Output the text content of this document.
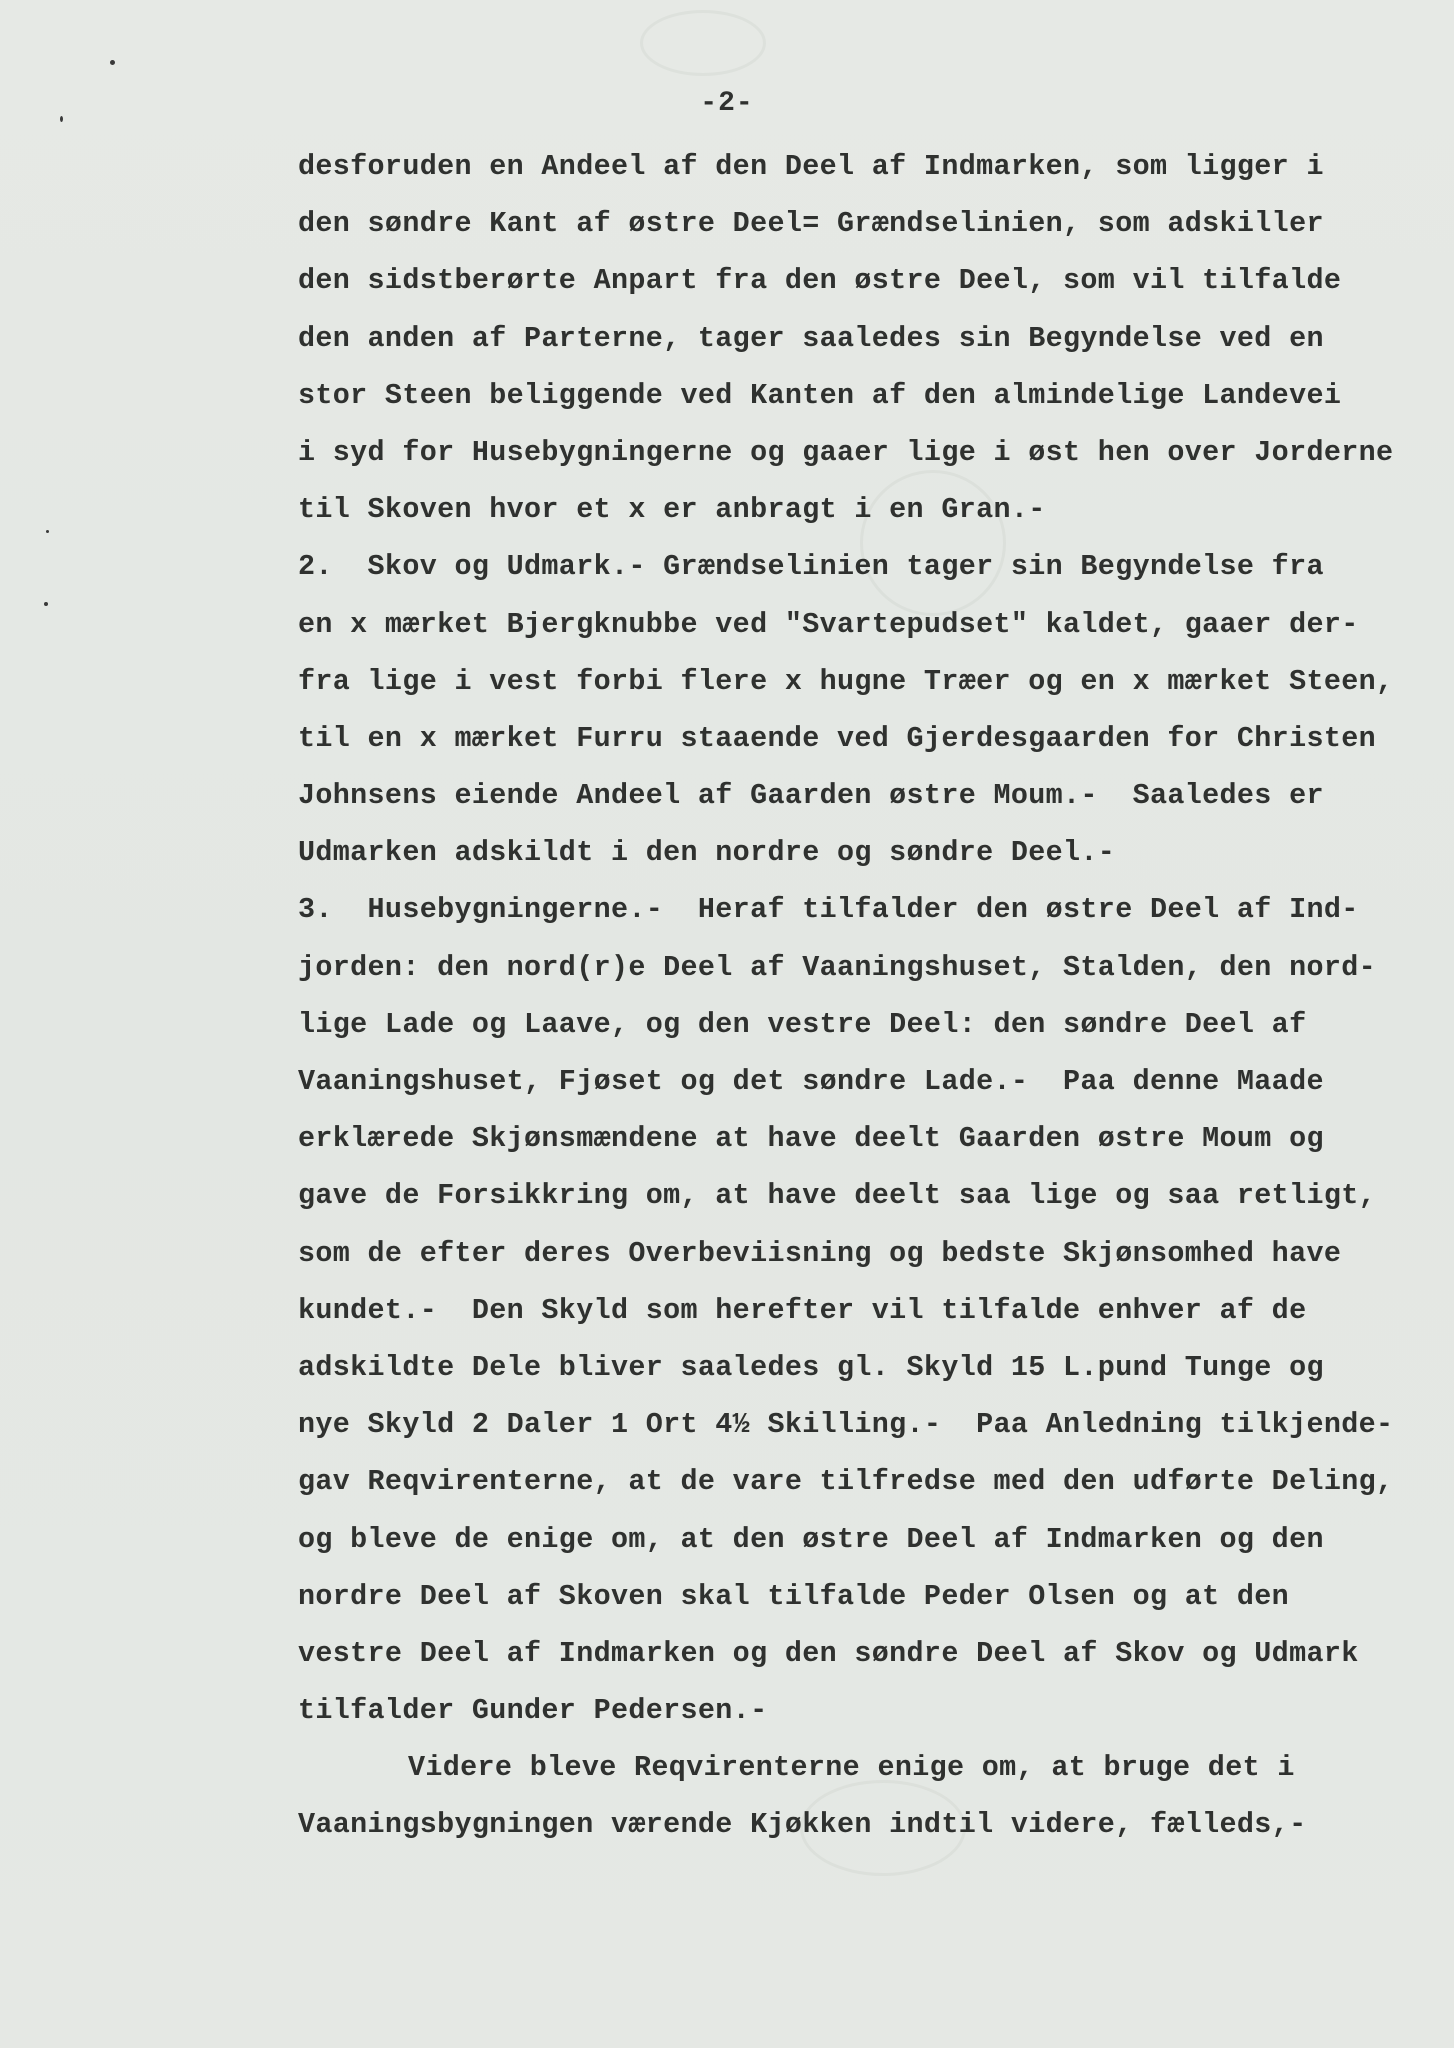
-2-
desforuden en Andeel af den Deel af Indmarken, som ligger i
den søndre Kant af østre Deel= Grændselinien, som adskiller
den sidstberørte Anpart fra den østre Deel, som vil tilfalde
den anden af Parterne, tager saaledes sin Begyndelse ved en
stor Steen beliggende ved Kanten af den almindelige Landevei
i syd for Husebygningerne og gaaer lige i øst hen over Jorderne
til Skoven hvor et x er anbragt i en Gran.-
2.  Skov og Udmark.- Grændselinien tager sin Begyndelse fra
en x mærket Bjergknubbe ved "Svartepudset" kaldet, gaaer der-
fra lige i vest forbi flere x hugne Træer og en x mærket Steen,
til en x mærket Furru staaende ved Gjerdesgaarden for Christen
Johnsens eiende Andeel af Gaarden østre Moum.-  Saaledes er
Udmarken adskildt i den nordre og søndre Deel.-
3.  Husebygningerne.-  Heraf tilfalder den østre Deel af Ind-
jorden: den nord(r)e Deel af Vaaningshuset, Stalden, den nord-
lige Lade og Laave, og den vestre Deel: den søndre Deel af
Vaaningshuset, Fjøset og det søndre Lade.-  Paa denne Maade
erklærede Skjønsmændene at have deelt Gaarden østre Moum og
gave de Forsikkring om, at have deelt saa lige og saa retligt,
som de efter deres Overbeviisning og bedste Skjønsomhed have
kundet.-  Den Skyld som herefter vil tilfalde enhver af de
adskildte Dele bliver saaledes gl. Skyld 15 L.pund Tunge og
nye Skyld 2 Daler 1 Ort 4½ Skilling.-  Paa Anledning tilkjende-
gav Reqvirenterne, at de vare tilfredse med den udførte Deling,
og bleve de enige om, at den østre Deel af Indmarken og den
nordre Deel af Skoven skal tilfalde Peder Olsen og at den
vestre Deel af Indmarken og den søndre Deel af Skov og Udmark
tilfalder Gunder Pedersen.-
Videre bleve Reqvirenterne enige om, at bruge det i
Vaaningsbygningen værende Kjøkken indtil videre, fælleds,-
